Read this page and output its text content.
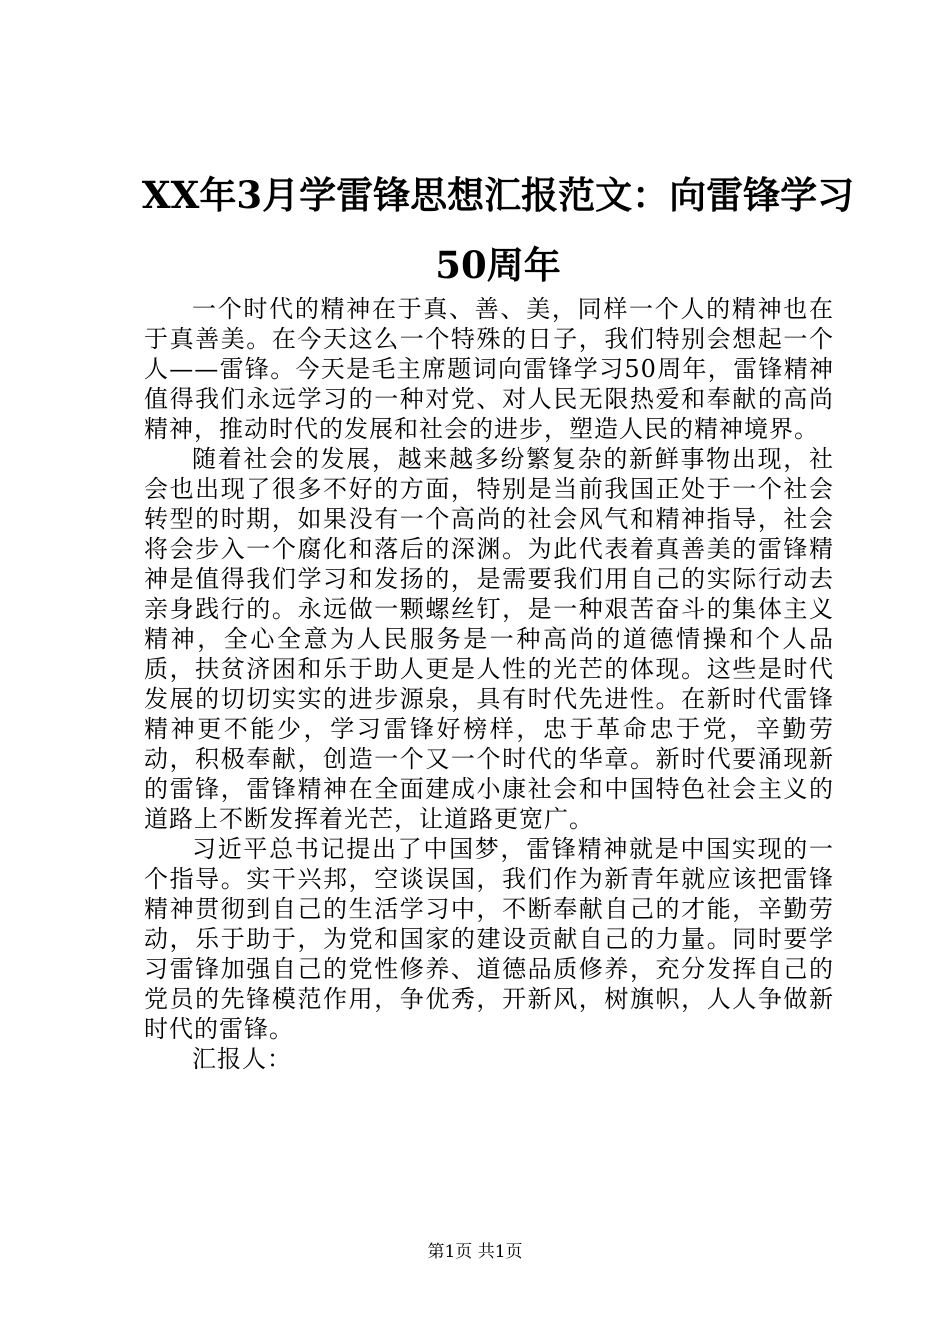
XX年3月学雷锋思想汇报范文：向雷锋学习
50周年

一个时代的精神在于真、善、美，同样一个人的精神也在于真善美。在今天这么一个特殊的日子，我们特别会想起一个人——雷锋。今天是毛主席题词向雷锋学习50周年，雷锋精神值得我们永远学习的一种对党、对人民无限热爱和奉献的高尚精神，推动时代的发展和社会的进步，塑造人民的精神境界。

随着社会的发展，越来越多纷繁复杂的新鲜事物出现，社会也出现了很多不好的方面，特别是当前我国正处于一个社会转型的时期，如果没有一个高尚的社会风气和精神指导，社会将会步入一个腐化和落后的深渊。为此代表着真善美的雷锋精神是值得我们学习和发扬的，是需要我们用自己的实际行动去亲身践行的。永远做一颗螺丝钉，是一种艰苦奋斗的集体主义精神，全心全意为人民服务是一种高尚的道德情操和个人品质，扶贫济困和乐于助人更是人性的光芒的体现。这些是时代发展的切切实实的进步源泉，具有时代先进性。在新时代雷锋精神更不能少，学习雷锋好榜样，忠于革命忠于党，辛勤劳动，积极奉献，创造一个又一个时代的华章。新时代要涌现新的雷锋，雷锋精神在全面建成小康社会和中国特色社会主义的道路上不断发挥着光芒，让道路更宽广。

习近平总书记提出了中国梦，雷锋精神就是中国实现的一个指导。实干兴邦，空谈误国，我们作为新青年就应该把雷锋精神贯彻到自己的生活学习中，不断奉献自己的才能，辛勤劳动，乐于助于，为党和国家的建设贡献自己的力量。同时要学习雷锋加强自己的党性修养、道德品质修养，充分发挥自己的党员的先锋模范作用，争优秀，开新风，树旗帜，人人争做新时代的雷锋。

汇报人：

第1页 共1页
